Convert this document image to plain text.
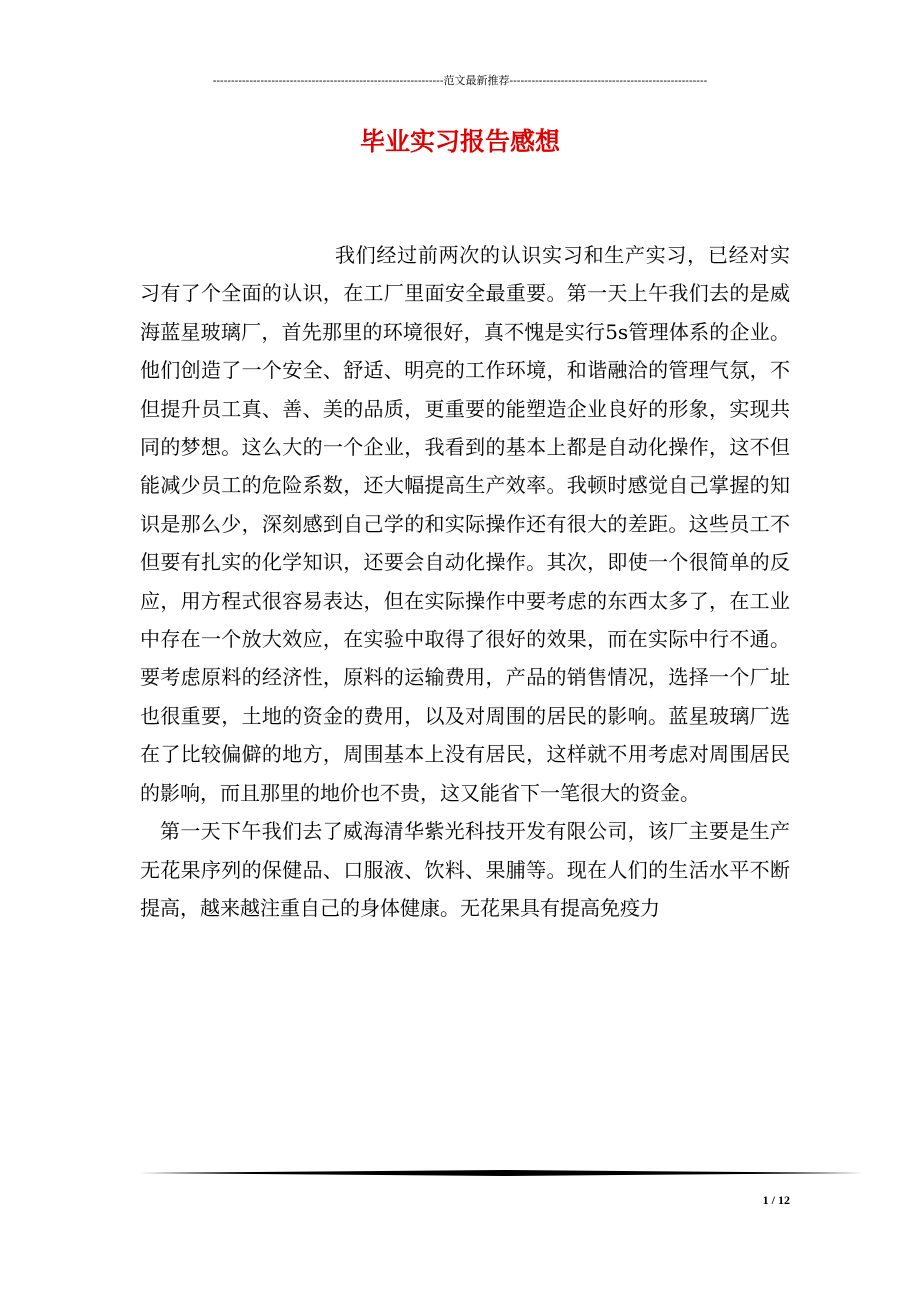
---------------------------------------------------------------范文最新推荐------------------------------------------------------
毕业实习报告感想

我们经过前两次的认识实习和生产实习，已经对实习有了个全面的认识，在工厂里面安全最重要。第一天上午我们去的是威海蓝星玻璃厂，首先那里的环境很好，真不愧是实行5s管理体系的企业。他们创造了一个安全、舒适、明亮的工作环境，和谐融洽的管理气氛，不但提升员工真、善、美的品质，更重要的能塑造企业良好的形象，实现共同的梦想。这么大的一个企业，我看到的基本上都是自动化操作，这不但能减少员工的危险系数，还大幅提高生产效率。我顿时感觉自己掌握的知识是那么少，深刻感到自己学的和实际操作还有很大的差距。这些员工不但要有扎实的化学知识，还要会自动化操作。其次，即使一个很简单的反应，用方程式很容易表达，但在实际操作中要考虑的东西太多了，在工业中存在一个放大效应，在实验中取得了很好的效果，而在实际中行不通。要考虑原料的经济性，原料的运输费用，产品的销售情况，选择一个厂址也很重要，土地的资金的费用，以及对周围的居民的影响。蓝星玻璃厂选在了比较偏僻的地方，周围基本上没有居民，这样就不用考虑对周围居民的影响，而且那里的地价也不贵，这又能省下一笔很大的资金。

第一天下午我们去了威海清华紫光科技开发有限公司，该厂主要是生产无花果序列的保健品、口服液、饮料、果脯等。现在人们的生活水平不断提高，越来越注重自己的身体健康。无花果具有提高免疫力

1 / 12
